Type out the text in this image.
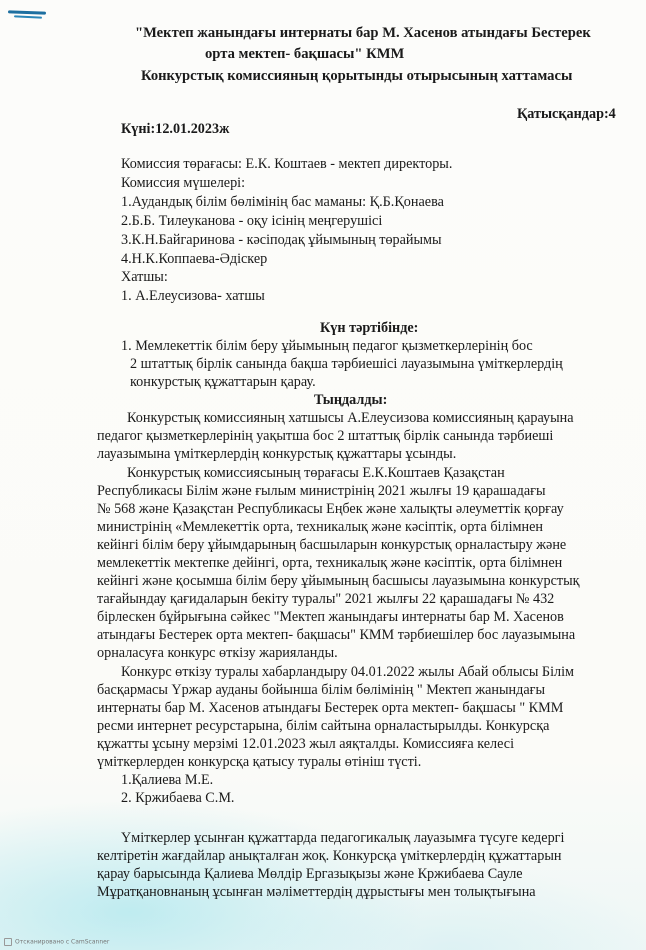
"Мектеп жанындағы интернаты бар М. Хасенов атындағы Бестерек
орта мектеп- бақшасы" КММ
Конкурстық комиссияның қорытынды отырысының хаттамасы
Қатысқандар:4
Күні:12.01.2023ж
Комиссия төрағасы: Е.К. Коштаев - мектеп директоры.
Комиссия мүшелері:
1.Аудандық білім бөлімінің бас маманы: Қ.Б.Қонаева
2.Б.Б. Тилеуканова - оқу ісінің меңгерушісі
3.К.Н.Байгаринова - кәсіподақ ұйымының төрайымы
4.Н.К.Коппаева-Әдіскер
Хатшы:
1. А.Елеусизова- хатшы
Күн тәртібінде:
1. Мемлекеттік білім беру ұйымының педагог қызметкерлерінің бос
2 штаттық бірлік санында бақша тәрбиешісі лауазымына үміткерлердің
конкурстық құжаттарын қарау.
Тыңдалды:
Конкурстық комиссияның хатшысы А.Елеусизова комиссияның қарауына
педагог қызметкерлерінің уақытша бос 2 штаттық бірлік санында тәрбиеші
лауазымына үміткерлердің конкурстық құжаттары ұсынды.
Конкурстық комиссиясының төрағасы Е.К.Коштаев Қазақстан
Республикасы Білім және ғылым министрінің 2021 жылғы 19 қарашадағы
№ 568 және Қазақстан Республикасы Еңбек және халықты әлеуметтік қорғау
министрінің «Мемлекеттік орта, техникалық және кәсіптік, орта білімнен
кейінгі білім беру ұйымдарының басшыларын конкурстық орналастыру және
мемлекеттік мектепке дейінгі, орта, техникалық және кәсіптік, орта білімнен
кейінгі және қосымша білім беру ұйымының басшысы лауазымына конкурстық
тағайындау қағидаларын бекіту туралы" 2021 жылғы 22 қарашадағы № 432
бірлескен бұйрығына сәйкес "Мектеп жанындағы интернаты бар М. Хасенов
атындағы Бестерек орта мектеп- бақшасы" КММ тәрбиешілер бос лауазымына
орналасуға конкурс өткізу жарияланды.
Конкурс өткізу туралы хабарландыру 04.01.2022 жылы Абай облысы Білім
басқармасы Үржар ауданы бойынша білім бөлімінің " Мектеп жанындағы
интернаты бар М. Хасенов атындағы Бестерек орта мектеп- бақшасы " КММ
ресми интернет ресурстарына, білім сайтына орналастырылды. Конкурсқа
құжатты ұсыну мерзімі 12.01.2023 жыл аяқталды. Комиссияға келесі
үміткерлерден конкурсқа қатысу туралы өтініш түсті.
1.Қалиева М.Е.
2. Кржибаева С.М.
Үміткерлер ұсынған құжаттарда педагогикалық лауазымға түсуге кедергі
келтіретін жағдайлар анықталған жоқ. Конкурсқа үміткерлердің құжаттарын
қарау барысында Қалиева Мөлдір Ергазықызы және Кржибаева Сауле
Мұратқановнаның ұсынған мәліметтердің дұрыстығы мен толықтығына
Отсканировано с CamScanner
